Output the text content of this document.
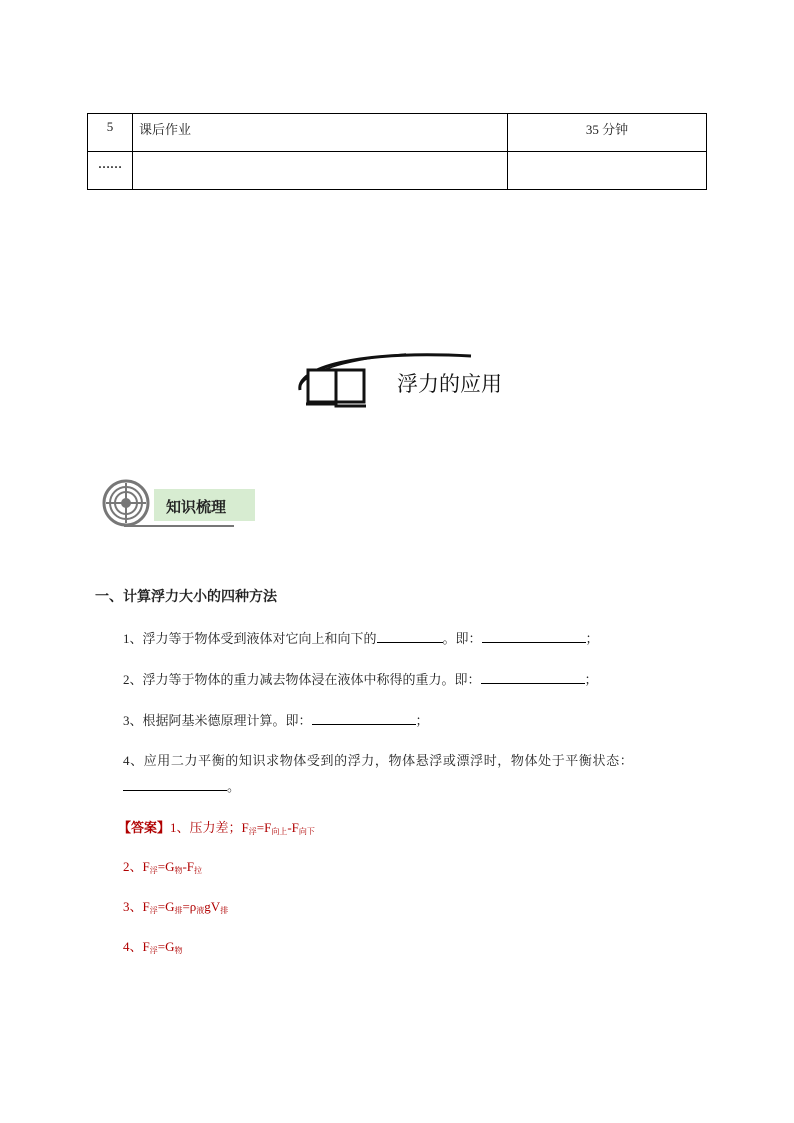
5	课后作业	35 分钟
……		
浮力的应用
知识梳理
一、计算浮力大小的四种方法
1、浮力等于物体受到液体对它向上和向下的	。即：	；
2、浮力等于物体的重力减去物体浸在液体中称得的重力。即：	；
3、根据阿基米德原理计算。即：	；
4、应用二力平衡的知识求物体受到的浮力，物体悬浮或漂浮时，物体处于平衡状态：
。
【答案】1、压力差；$F_浮=F_{向上}-F_{向下}$
2、$F_浮=G_物-F_拉$
3、$F_浮=G_排=\rho_液gV_排$
4、$F_浮=G_物$
